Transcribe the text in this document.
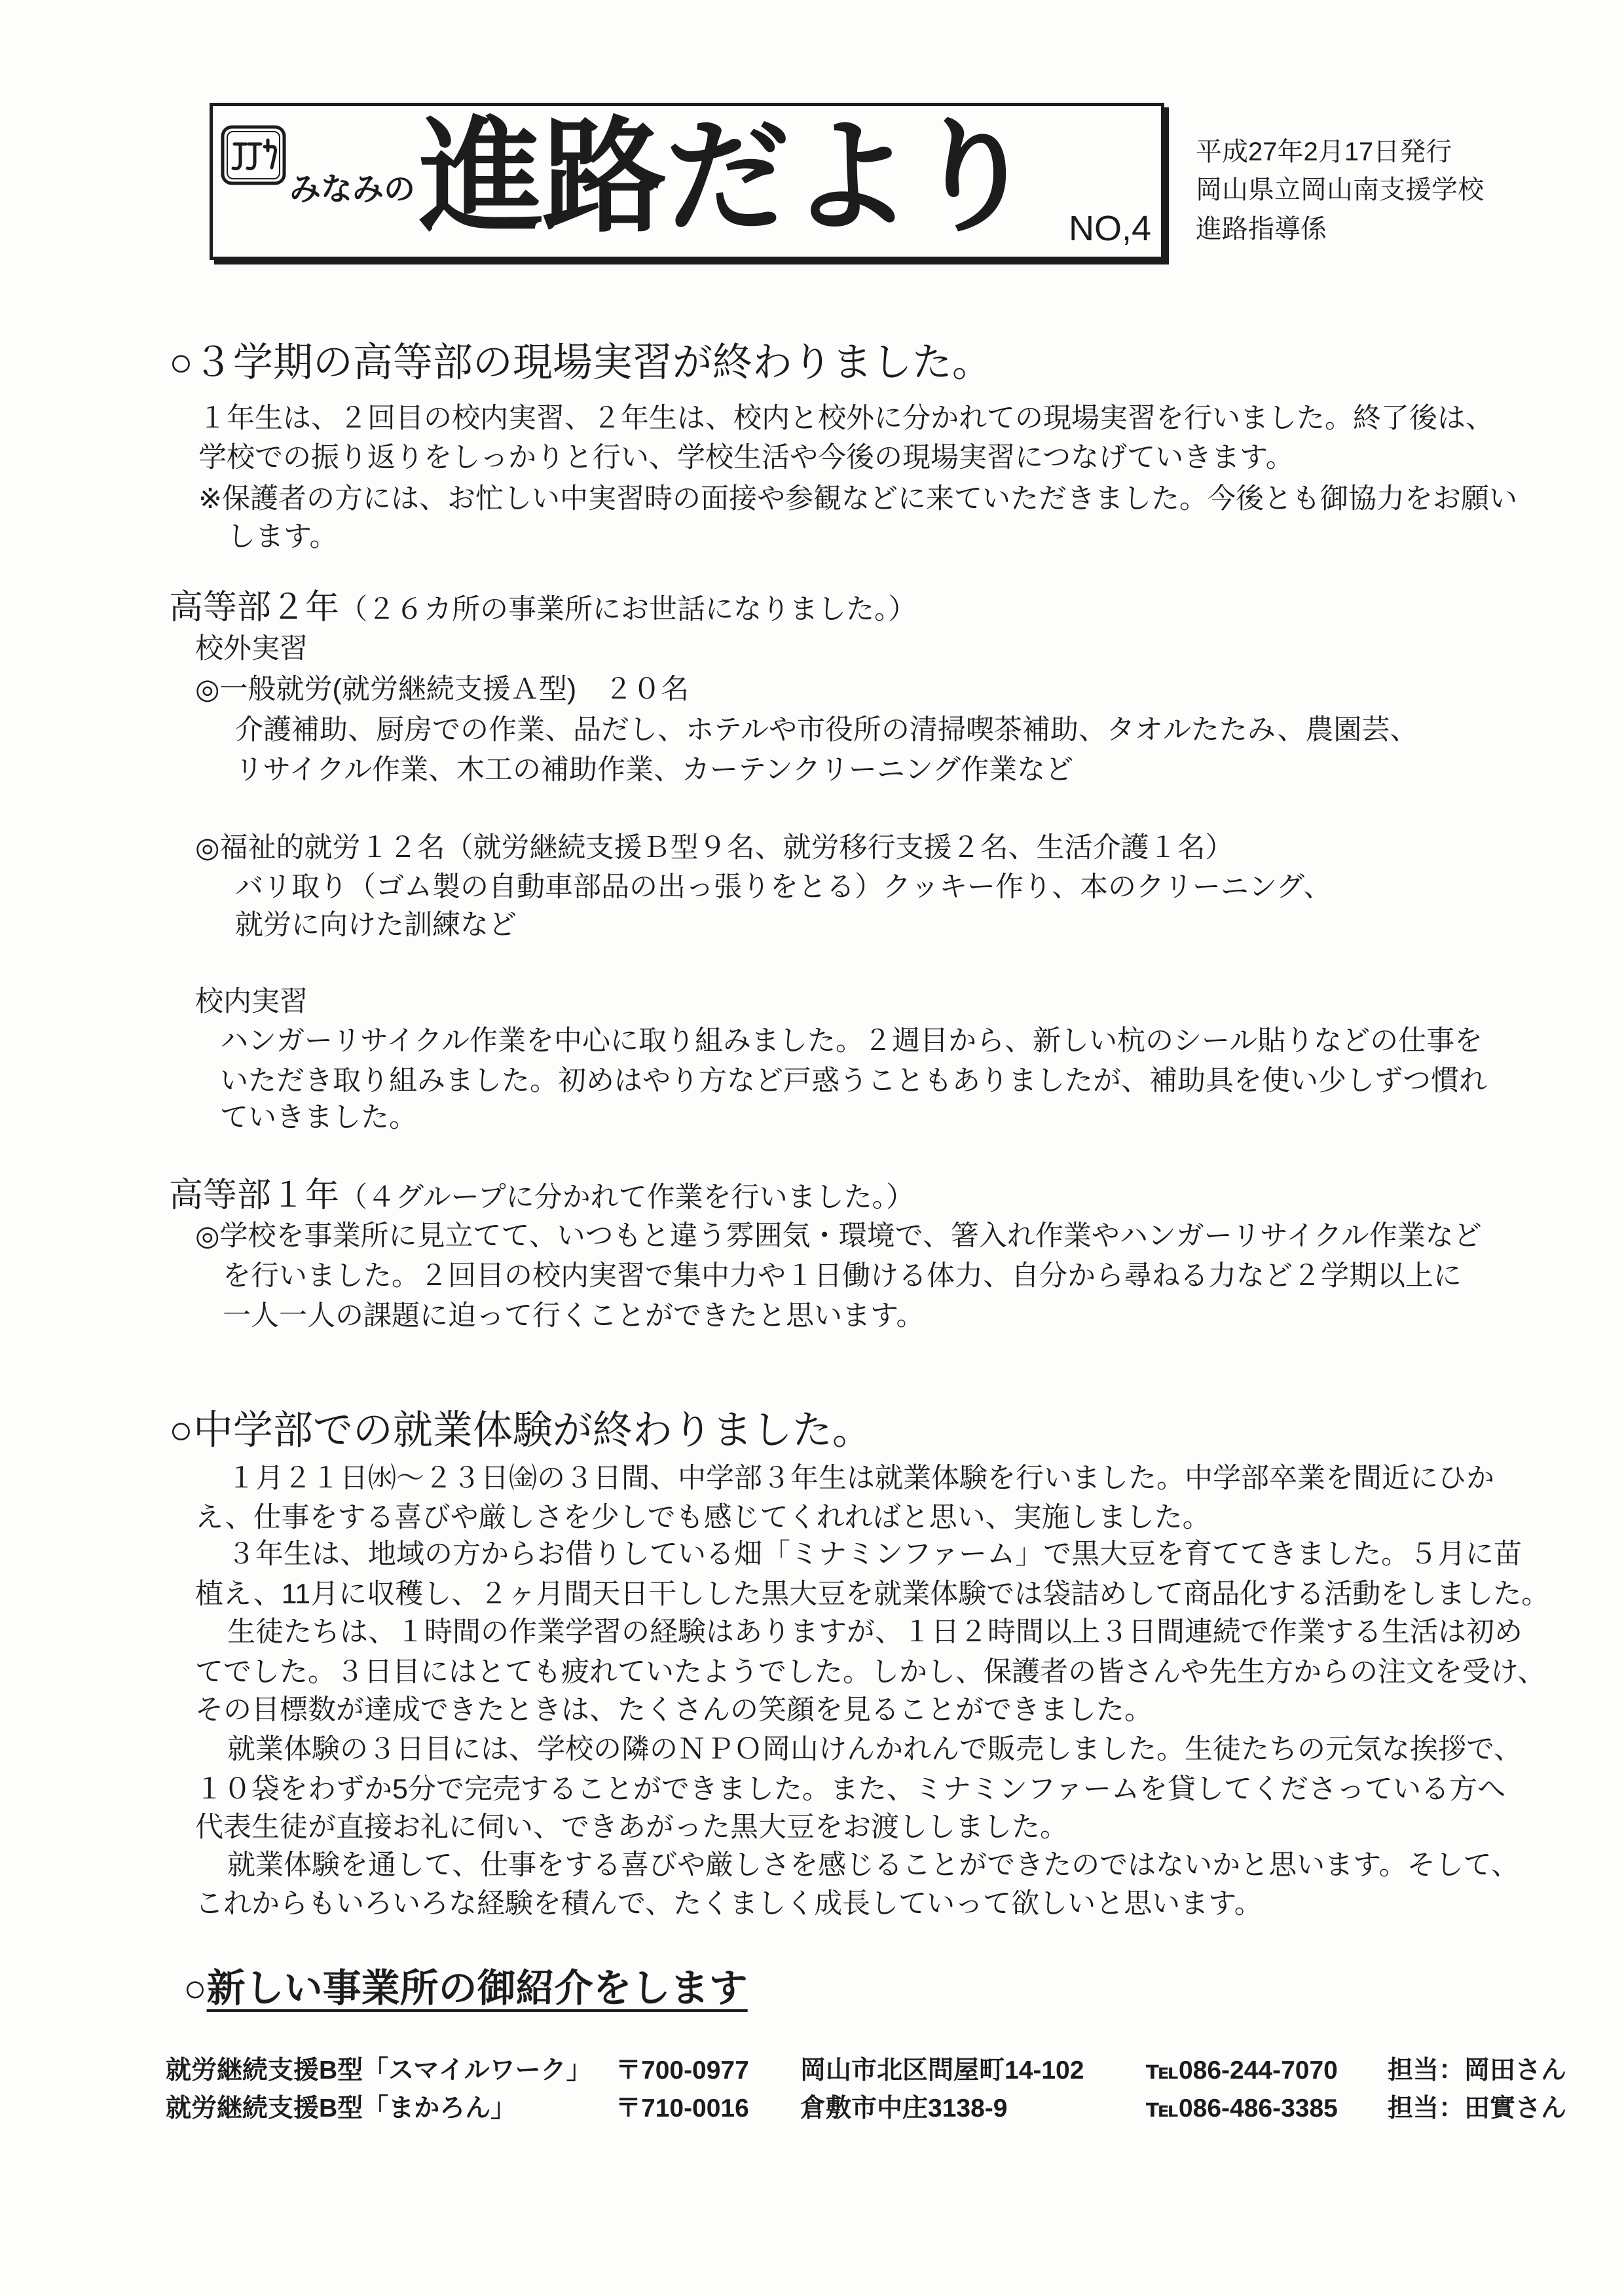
みなみの 進路だより NO,4
平成27年2月17日発行
岡山県立岡山南支援学校
進路指導係
○３学期の高等部の現場実習が終わりました。
１年生は、２回目の校内実習、２年生は、校内と校外に分かれての現場実習を行いました。終了後は、
学校での振り返りをしっかりと行い、学校生活や今後の現場実習につなげていきます。
※保護者の方には、お忙しい中実習時の面接や参観などに来ていただきました。今後とも御協力をお願い
します。
高等部２年（２６カ所の事業所にお世話になりました。）
校外実習
◎一般就労(就労継続支援Ａ型)　２０名
介護補助、厨房での作業、品だし、ホテルや市役所の清掃喫茶補助、タオルたたみ、農園芸、
リサイクル作業、木工の補助作業、カーテンクリーニング作業など
◎福祉的就労１２名（就労継続支援Ｂ型９名、就労移行支援２名、生活介護１名）
バリ取り（ゴム製の自動車部品の出っ張りをとる）クッキー作り、本のクリーニング、
就労に向けた訓練など
校内実習
ハンガーリサイクル作業を中心に取り組みました。２週目から、新しい杭のシール貼りなどの仕事を
いただき取り組みました。初めはやり方など戸惑うこともありましたが、補助具を使い少しずつ慣れ
ていきました。
高等部１年（４グループに分かれて作業を行いました。）
◎学校を事業所に見立てて、いつもと違う雰囲気・環境で、箸入れ作業やハンガーリサイクル作業など
を行いました。２回目の校内実習で集中力や１日働ける体力、自分から尋ねる力など２学期以上に
一人一人の課題に迫って行くことができたと思います。
○中学部での就業体験が終わりました。
１月２１日㈬～２３日㈮の３日間、中学部３年生は就業体験を行いました。中学部卒業を間近にひか
え、仕事をする喜びや厳しさを少しでも感じてくれればと思い、実施しました。
３年生は、地域の方からお借りしている畑「ミナミンファーム」で黒大豆を育ててきました。５月に苗
植え、11月に収穫し、２ヶ月間天日干しした黒大豆を就業体験では袋詰めして商品化する活動をしました。
生徒たちは、１時間の作業学習の経験はありますが、１日２時間以上３日間連続で作業する生活は初め
てでした。３日目にはとても疲れていたようでした。しかし、保護者の皆さんや先生方からの注文を受け、
その目標数が達成できたときは、たくさんの笑顔を見ることができました。
就業体験の３日目には、学校の隣のＮＰＯ岡山けんかれんで販売しました。生徒たちの元気な挨拶で、
１０袋をわずか5分で完売することができました。また、ミナミンファームを貸してくださっている方へ
代表生徒が直接お礼に伺い、できあがった黒大豆をお渡ししました。
就業体験を通して、仕事をする喜びや厳しさを感じることができたのではないかと思います。そして、
これからもいろいろな経験を積んで、たくましく成長していって欲しいと思います。
○新しい事業所の御紹介をします
就労継続支援B型「スマイルワーク」 〒700-0977 岡山市北区問屋町14-102 ℡086-244-7070 担当：岡田さん
就労継続支援B型「まかろん」	〒710-0016 倉敷市中庄3138-9	℡086-486-3385 担当：田實さん
